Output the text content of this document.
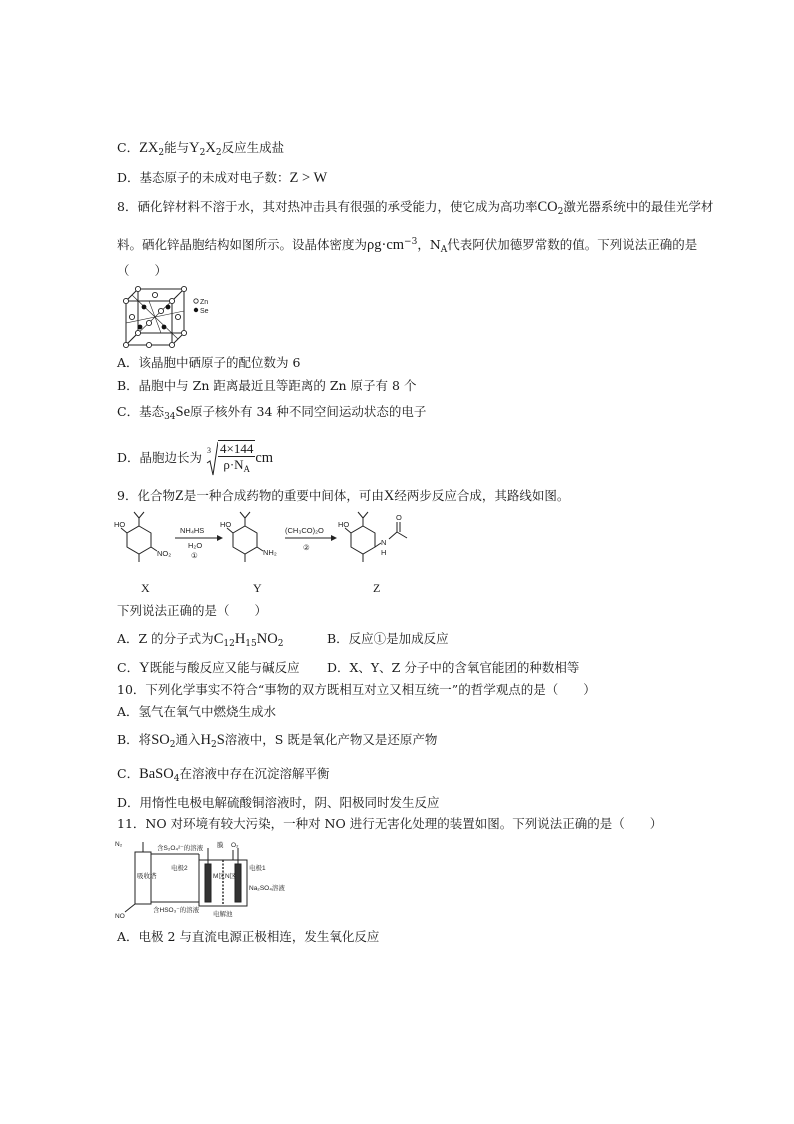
C．$ZX_2$能与$Y_2X_2$反应生成盐
D．基态原子的未成对电子数：Z > W
8．硒化锌材料不溶于水，其对热冲击具有很强的承受能力，使它成为高功率$CO_2$激光器系统中的最佳光学材
料。硒化锌晶胞结构如图所示。设晶体密度为$\rho g\cdot cm^{-3}$，$N_A$代表阿伏加德罗常数的值。下列说法正确的是
（　　）
Zn
Se
A．该晶胞中硒原子的配位数为 6
B．晶胞中与 Zn 距离最近且等距离的 Zn 原子有 8 个
C．基态$_{34}$Se原子核外有 34 种不同空间运动状态的电子
D．晶胞边长为 $3 \frac{4\times 144}{\rho\cdot N_A}$ cm
9．化合物Z是一种合成药物的重要中间体，可由X经两步反应合成，其路线如图。
HO
NO₂
NH₄HS
H₂O
①
HO
NH₂
(CH₃CO)₂O
②
HO
N
H
O
X	Y	Z
下列说法正确的是（　　）
A．Z 的分子式为$C_{12}H_{15}NO_2$	B．反应①是加成反应
C．Y既能与酸反应又能与碱反应 D．X、Y、Z 分子中的含氧官能团的种数相等
10．下列化学事实不符合“事物的双方既相互对立又相互统一”的哲学观点的是（　　）
A．氢气在氧气中燃烧生成水
B．将$SO_2$通入$H_2S$溶液中，S 既是氧化产物又是还原产物
C．BaSO$_4$在溶液中存在沉淀溶解平衡
D．用惰性电极电解硫酸铜溶液时，阴、阳极同时发生反应
11．NO 对环境有较大污染，一种对 NO 进行无害化处理的装置如图。下列说法正确的是（　　）
N₂
含S₂O₄²⁻的溶液 膜 O₂
电极2	电极1
M区 N区
吸收塔
Na₂SO₄溶液
NO
含HSO₃⁻的溶液
电解池
A．电极 2 与直流电源正极相连，发生氧化反应
